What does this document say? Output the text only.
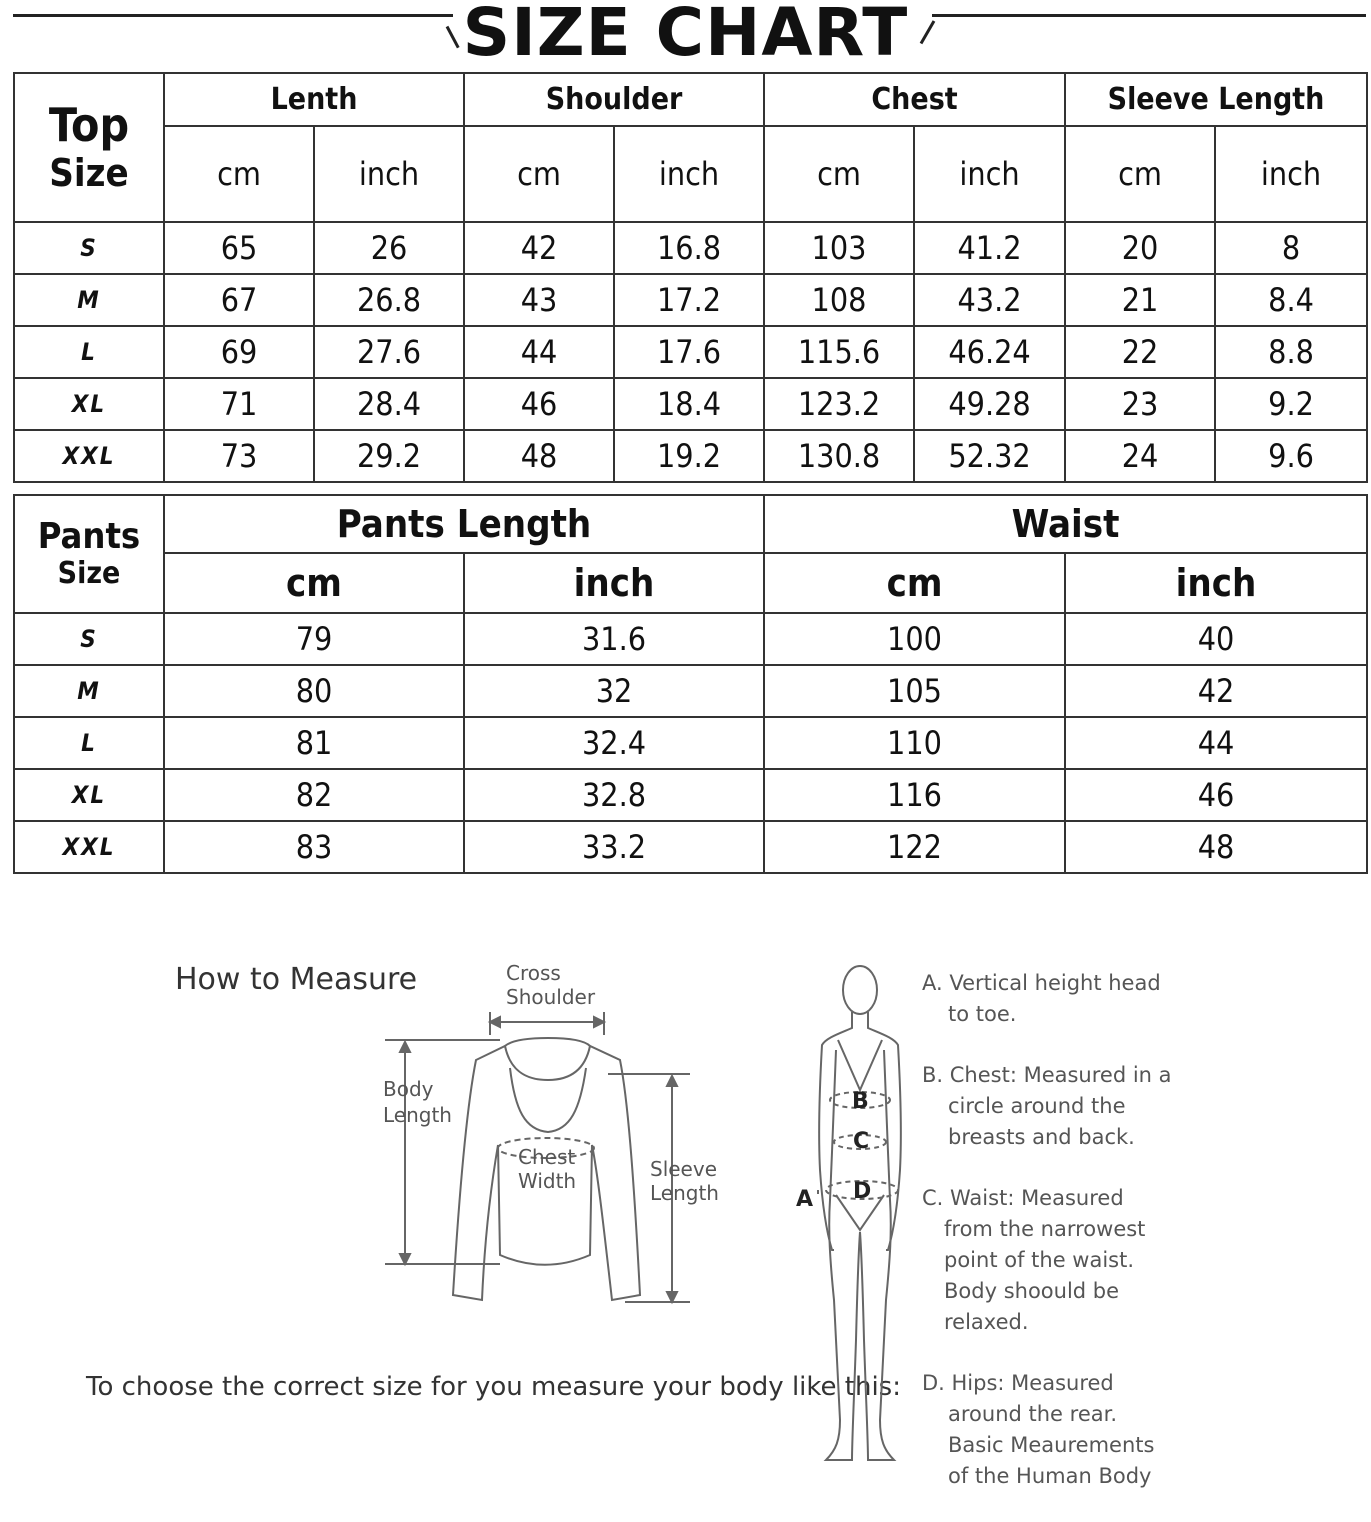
SIZE CHART
Top
Size	Lenth		Shoulder		Chest		Sleeve Length	
	cm	inch	cm	inch	cm	inch	cm	inch
S	65	26	42	16.8	103	41.2	20	8
M	67	26.8	43	17.2	108	43.2	21	8.4
L	69	27.6	44	17.6	115.6	46.24	22	8.8
XL	71	28.4	46	18.4	123.2	49.28	23	9.2
XXL	73	29.2	48	19.2	130.8	52.32	24	9.6
Pants
Size	Pants Length		Waist	
	cm	inch	cm	inch
S	79	31.6	100	40
M	80	32	105	42
L	81	32.4	110	44
XL	82	32.8	116	46
XXL	83	33.2	122	48
How to Measure
To choose the correct size for you measure your body like this:
Cross
Shoulder
Body
Length
Chest
Width	Sleeve
Length
B
C
D
A
A. Vertical height head
to toe.
B. Chest: Measured in a
circle around the
breasts and back.
C. Waist: Measured
from the narrowest
point of the waist.
Body shoould be
relaxed.
D. Hips: Measured
around the rear.
Basic Meaurements
of the Human Body
